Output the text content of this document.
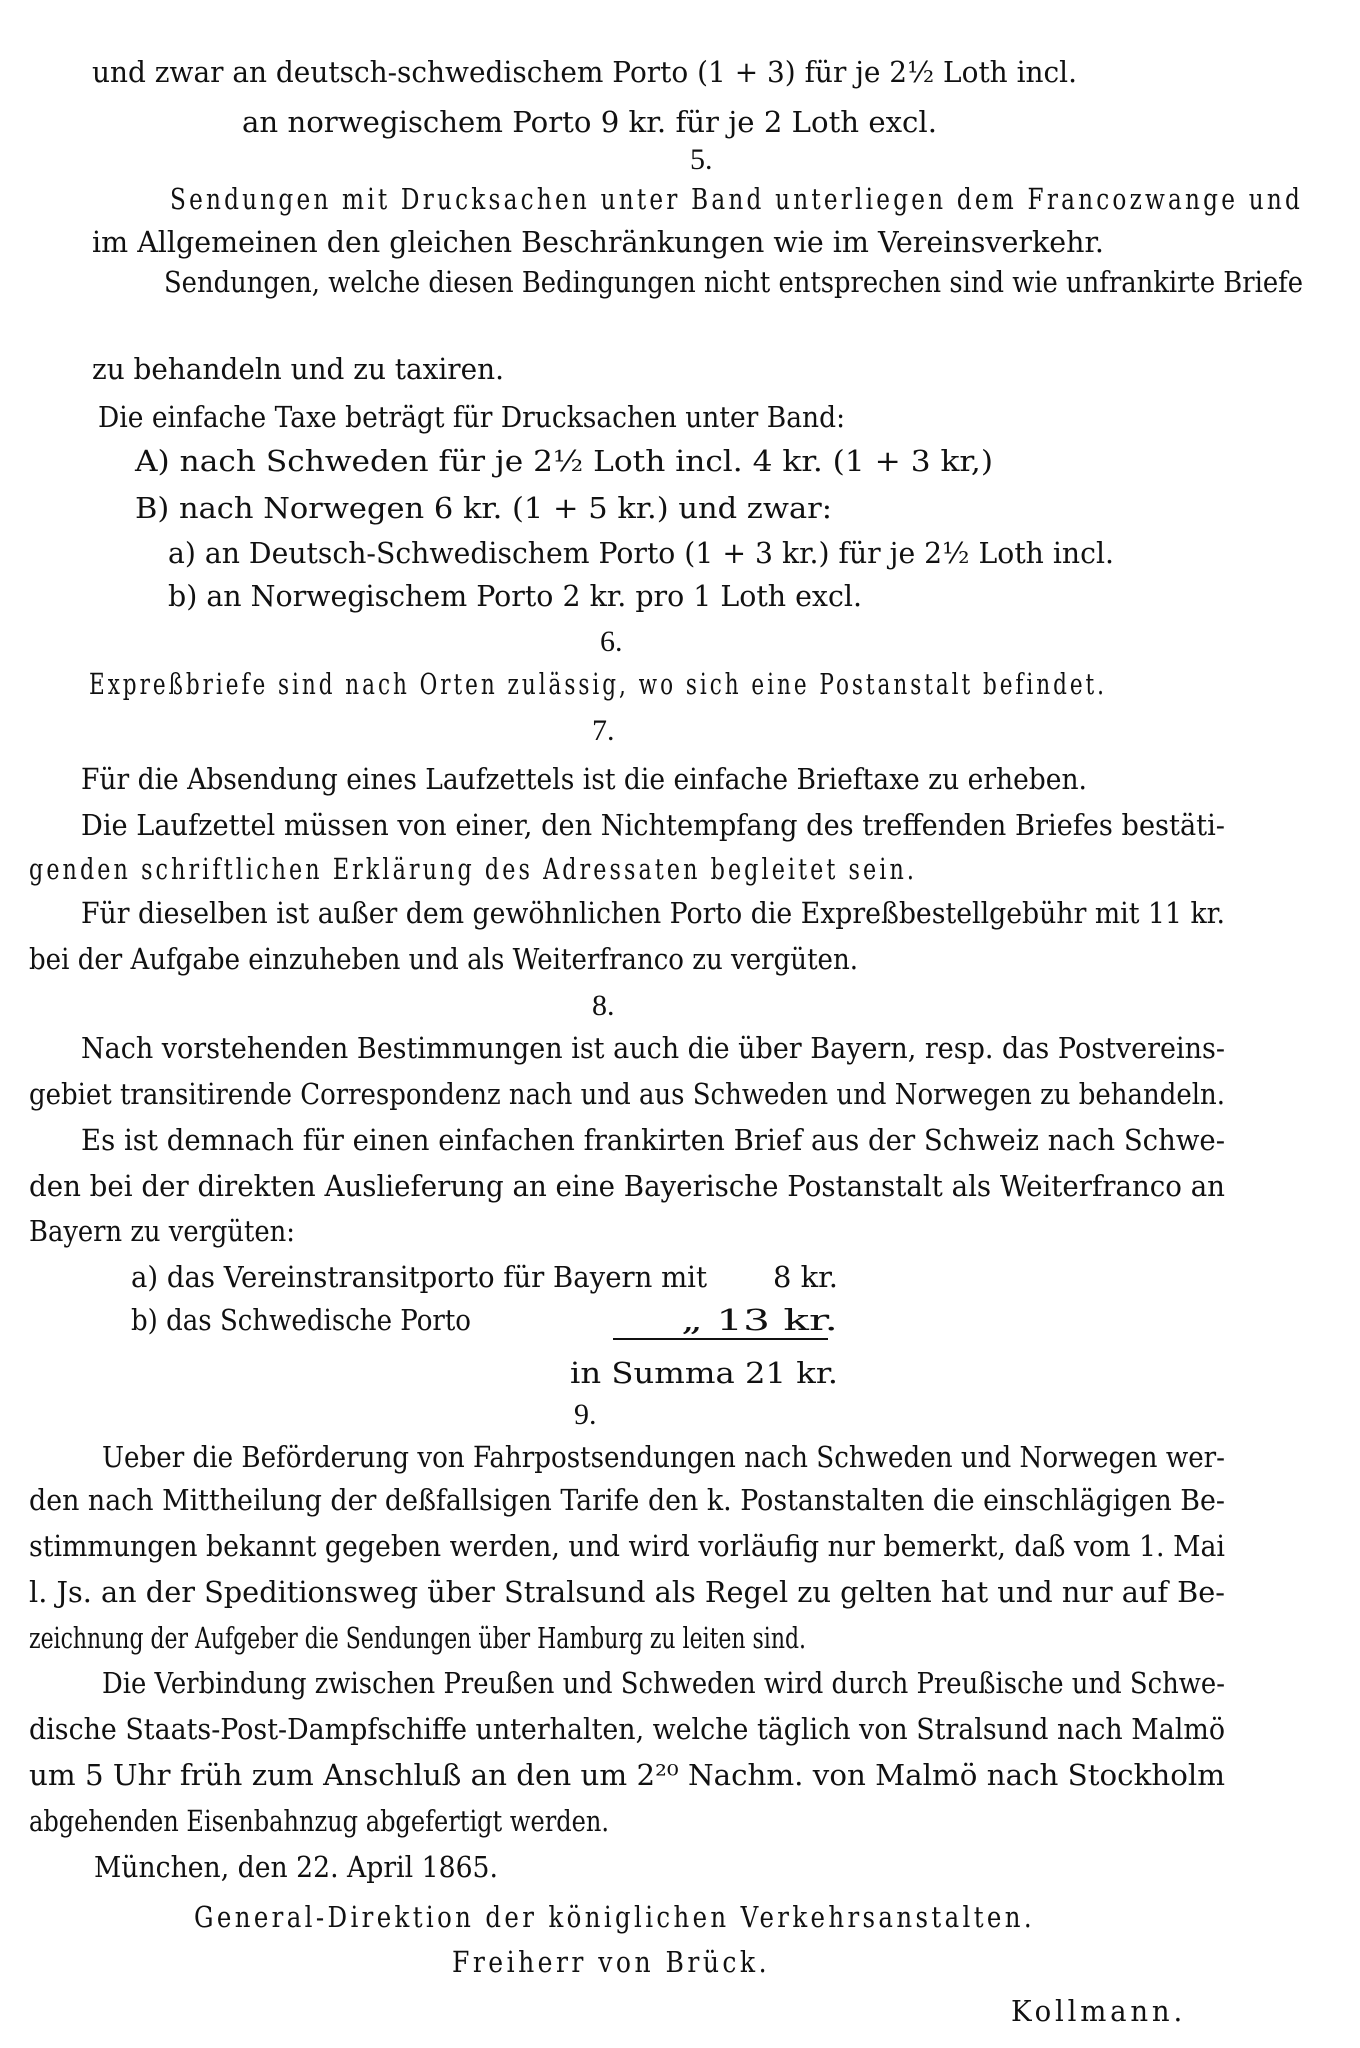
und zwar an deutsch-schwedischem Porto (1 + 3) für je 2½ Loth incl.
an norwegischem Porto 9 kr. für je 2 Loth excl.
5.
Sendungen mit Drucksachen unter Band unterliegen dem Francozwange und
im Allgemeinen den gleichen Beschränkungen wie im Vereinsverkehr.
Sendungen, welche diesen Bedingungen nicht entsprechen sind wie unfrankirte Briefe
zu behandeln und zu taxiren.
Die einfache Taxe beträgt für Drucksachen unter Band:
A) nach Schweden für je 2½ Loth incl. 4 kr. (1 + 3 kr,)
B) nach Norwegen 6 kr. (1 + 5 kr.) und zwar:
a) an Deutsch-Schwedischem Porto (1 + 3 kr.) für je 2½ Loth incl.
b) an Norwegischem Porto 2 kr. pro 1 Loth excl.
6.
Expreßbriefe sind nach Orten zulässig, wo sich eine Postanstalt befindet.
7.
Für die Absendung eines Laufzettels ist die einfache Brieftaxe zu erheben.
Die Laufzettel müssen von einer, den Nichtempfang des treffenden Briefes bestäti-
genden schriftlichen Erklärung des Adressaten begleitet sein.
Für dieselben ist außer dem gewöhnlichen Porto die Expreßbestellgebühr mit 11 kr.
bei der Aufgabe einzuheben und als Weiterfranco zu vergüten.
8.
Nach vorstehenden Bestimmungen ist auch die über Bayern, resp. das Postvereins-
gebiet transitirende Correspondenz nach und aus Schweden und Norwegen zu behandeln.
Es ist demnach für einen einfachen frankirten Brief aus der Schweiz nach Schwe-
den bei der direkten Auslieferung an eine Bayerische Postanstalt als Weiterfranco an
Bayern zu vergüten:
a) das Vereinstransitporto für Bayern mit 8 kr.
b) das Schwedische Porto	„ 13 kr.
in Summa 21 kr.
9.
Ueber die Beförderung von Fahrpostsendungen nach Schweden und Norwegen wer-
den nach Mittheilung der deßfallsigen Tarife den k. Postanstalten die einschlägigen Be-
stimmungen bekannt gegeben werden, und wird vorläufig nur bemerkt, daß vom 1. Mai
l. Js. an der Speditionsweg über Stralsund als Regel zu gelten hat und nur auf Be-
zeichnung der Aufgeber die Sendungen über Hamburg zu leiten sind.
Die Verbindung zwischen Preußen und Schweden wird durch Preußische und Schwe-
dische Staats-Post-Dampfschiffe unterhalten, welche täglich von Stralsund nach Malmö
um 5 Uhr früh zum Anschluß an den um 2²⁰ Nachm. von Malmö nach Stockholm
abgehenden Eisenbahnzug abgefertigt werden.
München, den 22. April 1865.
General-Direktion der königlichen Verkehrsanstalten.
Freiherr von Brück.
Kollmann.
